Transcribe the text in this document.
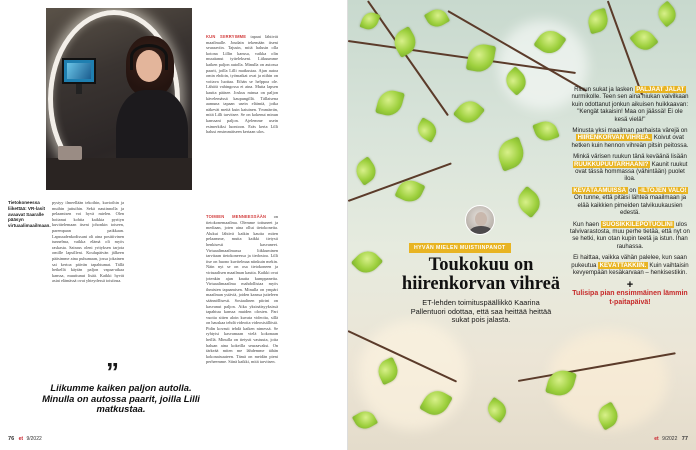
Tietokoneessa liikettää: VR-lasit avaavat Saaralle pääsyn virtuaalimaailmaan.
pystyy ilmeellään tekoihin, kuvioihin ja muihin juttuihin. Sekä nautinnolla ja pelaamisen voi hyvä mielen. Olen hoitanut kohtia kaikkia pyrityn kuvittelemaan itseni johonkin toiseen, parempaan paikkaan. Lapsuudenkodissani oli aina positiivinen tunnelma, vaikka elämä oli myös raskasta. Sairaus oleni yrityksen tarjota omille lapsilleni. Koulupäivän jälkeen pääsimme aina puhumaan, jossa jokainen sai kertoa päivän tapahtumat. Tällä hetkellä käytän paljon vapaa-aikaa kanssa, muuttunut lisää. Kaikki hyvät asiat elämässä ovat yhteydessä toisiinsa.
KUN SIIRRYIMME tapaat lähtivät maailmalle. Joudain tekemään itseni seuraaviin. Tajusin, mitä halusin olla kotona Lillin kanssa, vaikka olin muuttanut tyttelekseni. Liikuumme kaiken paljon autolla. Minulla on autossa paarit, joilla Lilli matkustaa. Ajan autoa omin ehdoin, työmatkat ovat ja niihin on voitava luottaa. Eihän se helppoa ole. Lähtöä vahingossa ei aina. Mutta lapsen kautta pääsee. Joskus minua on paljon kävelemässä kaupungillä. Tällaisena aamuna tapaan usein eläimiä, jotka näkevät meitä kuin kaiuinen. Ymmärrän, mitä Lilli tarvitsee. Se on kokenut minun kanssani paljon. Ajelemme usein esimerkiksi luontoon. Eräs kerta Lilli halusi ensimmäiseen kertaan ulos.
TOIMIEN MENNEESSÄÄN on tietokonemaailma. Olemme tottuneet ja mediaan, joten aina ollut tietokoneita. Alukui lähtivä kaikin kautta miten pelaamme, mutta kaikki tietysti henkisesti kasvaneet. Virtuaalimaailmassa liikkuminen tarvitaan tietokoneessa ja tiedostoa. Lilli itse on huono kuvitelmaa niinkuin mekin. Näin nyt se on osa tietokoneen ja virtuaalisen maailman kautta. Kaikki ovat jotenkin ajan kautta kumppaneita. Virtuaalimaailma mahdollistaa myös ihmisten tapaamisen. Minulla on ympäri maailman ystäviä, joiden kanssa jutteleen säännöllisesti. Sosiaalinen piirini on kasvanut paljon. Aika yksinäisyyksissä tapahtuu kanssa muiden olosten. Pari vuotta sitten aloin kuvata videoita, sillä on hauskaa tehdä videoita videosisällöstä. Pidin kovasti tehdä kaiken nimessä. Se ryhtyisi kasvamaan vielä kokonaan heillä. Minulla on tietysti vastuuta, joita haluan aina kokeilla seuraavaksi. On tärkeää miten me lähdemme tähän kokonaisuuteen. Tämä on meidän pieni perheemme. Siinä kaikki, mitä tarvitsen.
”
Liikumme kaiken paljon autolla. Minulla on autossa paarit, joilla Lilli matkustaa.
76 et 9/2022
HYVÄN MIELEN MUISTIINPANOT
Toukokuu on hiirenkorvan vihreä
ET-lehden toimituspäällikkö Kaarina Pallentuori odottaa, että saa heittää heittää sukat pois jalasta.

Riisun sukat ja lasken PALJAAT JALAT nurmikolle. Teen sen aina hiukan valvilkaan kuin odottanut jonkun aikuisen huikkaavan: "Kengät takaisin! Maa on jäässä! Ei ole kesä vielä!"

Minusta yksi maailman parhaista värejä on HIIRENKORVAN VIHREÄ. Koivut ovat hetken kuin hennon vihreän pitsin peitossa.

Minkä värisen ruukun tänä keväänä lisään RUUKKUPUUTARHAANI? Kaunit ruukut ovat tässä hommassa (vähintään) puolet iloa.

KEVÄTAAMUISSA on -ILTOJEN VALO! On tunne, että pitäisi lähteä maailmaan ja elää kaikkien pimeiden talvikuukausien edestä.

Kun haen SUOSIKKILEPOTUOLINI ulos talvivarastosta, muu perhe tietää, että nyt on se hetki, kun otan kupin teetä ja istun. Ihan rauhassa.

Ei haittaa, vaikka vähän palelee, kun saan pukeutua KEVÄTTAKKIIN. Kuin vaihtaisin kevyempään kesäkarvaan – henkisestikin.

+
Tulisipa pian ensimmäinen lämmin t-paitapäivä!
et 9/2022 77
